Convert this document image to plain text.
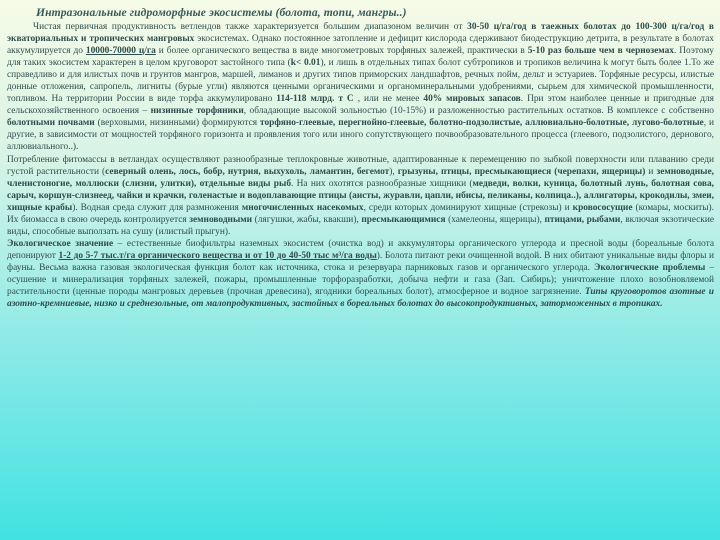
Интразональные гидроморфные экосистемы (болота, топи, мангры..)

Чистая первичная продуктивность ветлендов также характеризуется большим диапазоном величин от 30-50 ц/га/год в таежных болотах до 100-300 ц/га/год в экваториальных и тропических мангровых экосистемах. Однако постоянное затопление и дефицит кислорода сдерживают биодеструкцию детрита, в результате в болотах аккумулируется до 10000-70000 ц/га и более органического вещества в виде многометровых торфяных залежей, практически в 5-10 раз больше чем в черноземах. Поэтому для таких экосистем характерен в целом круговорот застойного типа (k< 0.01), и лишь в отдельных типах болот субтропиков и тропиков величина k могут быть более 1.То же справедливо и для илистых почв и грунтов мангров, маршей, лиманов и других типов приморских ландшафтов, речных пойм, дельт и эстуариев. Торфяные ресурсы, илистые донные отложения, сапропель, лигниты (бурые угли) являются ценными органическими и органоминеральными удобрениями, сырьем для химической промышленности, топливом. На территории России в виде торфа аккумулировано 114-118 млрд. т С , или не менее 40% мировых запасов. При этом наиболее ценные и пригодные для сельскохозяйственного освоения – низинные торфяники, обладающие высокой зольностью (10-15%) и разложенностью растительных остатков. В комплексе с собственно болотными почвами (верховыми, низинными) формируются торфяно-глеевые, перегнойно-глеевые, болотно-подзолистые, аллювиально-болотные, лугово-болотные, и другие, в зависимости от мощностей торфяного горизонта и проявления того или иного сопутствующего почвообразовательного процесса (глеевого, подзолистого, дернового, аллювиального..).

Потребление фитомассы в ветландах осуществляют разнообразные теплокровные животные, адаптированные к перемещению по зыбкой поверхности или плаванию среди густой растительности (северный олень, лось, бобр, нутрия, выхухоль, ламантин, бегемот), грызуны, птицы, пресмыкающиеся (черепахи, ящерицы) и земноводные, членистоногие, моллюски (слизни, улитки), отдельные виды рыб. На них охотятся разнообразные хищники (медведи, волки, куница, болотный лунь, болотная сова, сарыч, коршун-слизнеед, чайки и крачки, голенастые и водоплавающие птицы (аисты, журавли, цапли, ибисы, пеликаны, колпица..), аллигаторы, крокодилы, змеи, хищные крабы). Водная среда служит для размножения многочисленных насекомых, среди которых доминируют хищные (стрекозы) и кровососущие (комары, москиты). Их биомасса в свою очередь контролируется земноводными (лягушки, жабы, квакши), пресмыкающимися (хамелеоны, ящерицы), птицами, рыбами, включая экзотические виды, способные выползать на сушу (илистый прыгун).

Экологическое значение – естественные биофильтры наземных экосистем (очистка вод) и аккумуляторы органического углерода и пресной воды (бореальные болота депонируют 1-2 до 5-7 тыс.т/га органического вещества и от 10 до 40-50 тыс м³/га воды). Болота питают реки очищенной водой. В них обитают уникальные виды флоры и фауны. Весьма важна газовая экологическая функция болот как источника, стока и резервуара парниковых газов и органического углерода. Экологические проблемы – осушение и минерализация торфяных залежей, пожары, промышленные торфоразработки, добыча нефти и газа (Зап. Сибирь); уничтожение плохо возобновляемой растительности (ценные породы мангровых деревьев (прочная древесина), ягодники бореальных болот), атмосферное и водное загрязнение. Типы круговоротов азотные и азотно-кремниевые, низко и среднезольные, от малопродуктивных, застойных в бореальных болотах до высокопродуктивных, заторможенных в тропиках.
